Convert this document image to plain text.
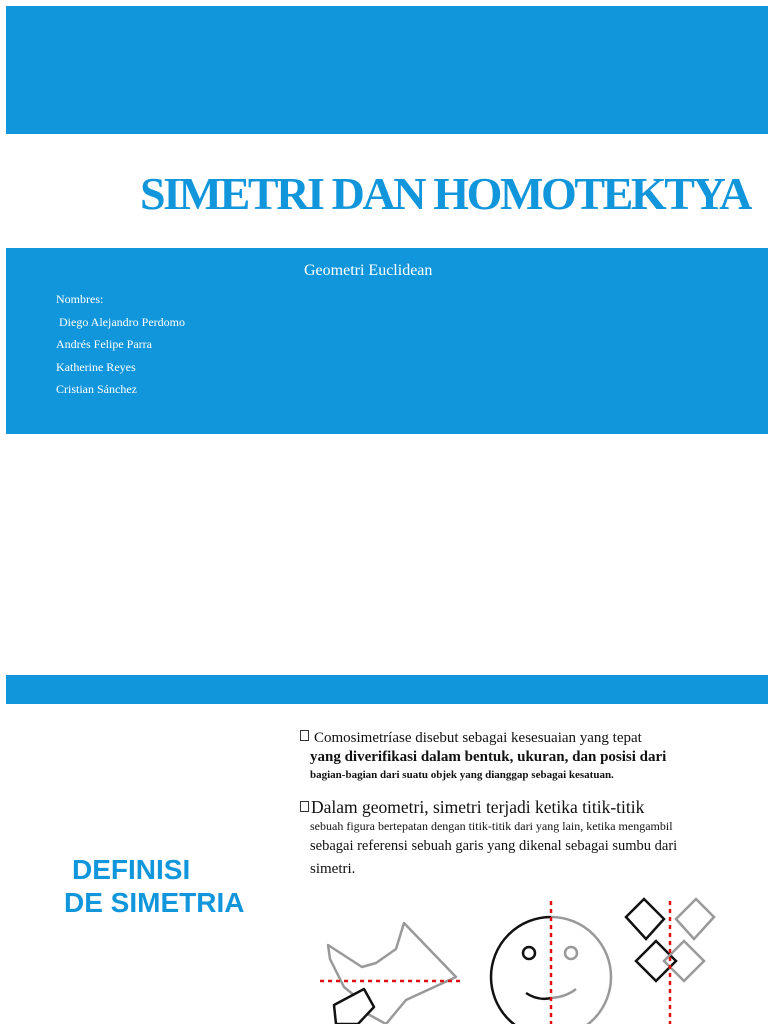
SIMETRI DAN HOMOTEKTYA
Geometri Euclidean
Nombres:
Diego Alejandro Perdomo
Andrés Felipe Parra
Katherine Reyes
Cristian Sánchez
DEFINISI
DE SIMETRIA
Comosimetríase disebut sebagai kesesuaian yang tepat
yang diverifikasi dalam bentuk, ukuran, dan posisi dari
bagian-bagian dari suatu objek yang dianggap sebagai kesatuan.
Dalam geometri, simetri terjadi ketika titik-titik
sebuah figura bertepatan dengan titik-titik dari yang lain, ketika mengambil
sebagai referensi sebuah garis yang dikenal sebagai sumbu dari
simetri.
